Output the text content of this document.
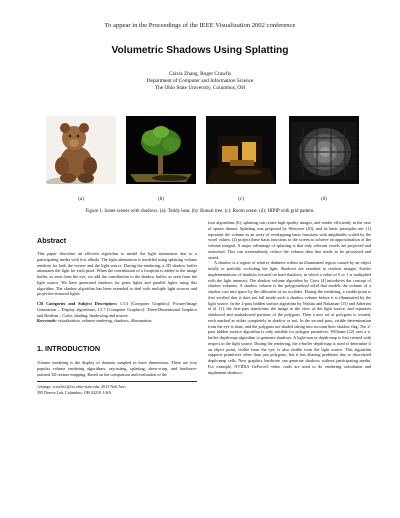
To appear in the Proceedings of the IEEE Visualization 2002 conference
Volumetric Shadows Using Splatting
Caixia Zhang, Roger Crawfis
Department of Computer and Information Science
The Ohio State University, Columbus, OH
(a)	(b)	(c)	(d)
Figure 1. Some scenes with shadows. (a): Teddy bear. (b): Bonsai tree. (c): Room scene. (d): HIPIP with grid pattern.
Abstract

This paper describes an efficient algorithm to model the light attenuation due to a participating media with low albedo. The light attenuation is modeled using splatting volume renderer for both the viewer and the light source. During the rendering, a 2D shadow buffer attenuates the light for each pixel. When the contribution of a footprint is added to the image buffer, as seen from the eye, we add the contribution to the shadow buffer, as seen from the light source. We have generated shadows for point lights and parallel lights using this algorithm. The shadow algorithm has been extended to deal with multiple light sources and projective textured lights.

CR Categories and Subject Descriptors: I.3.3 [Computer Graphics]: Picture/Image Generation – Display algorithms; I.3.7 [Computer Graphics]: Three-Dimensional Graphics and Realism – Color, shading, shadowing and texture.

Keywords: visualization, volume rendering, shadows, illumination

1. INTRODUCTION

Volume rendering is the display of datasets sampled in three dimensions. There are four popular volume rendering algorithms: raycasting, splatting, shear-warp, and hardware-assisted 3D texture mapping. Based on the comparison and evaluation of the

{zhangc, crawfis}@cis.ohio-state.edu, 2015 Neil Ave.,
395 Dreese Lab, Columbus, OH 43210, USA

four algorithms [6], splatting can create high-quality images, and render efficiently in the case of sparse dataset. Splatting was proposed by Westover [20], and its basic principles are: (1) represent the volume as an array of overlapping basis functions with amplitudes scaled by the voxel values; (2) project these basis functions to the screen to achieve an approximation of the volume integral. A major advantage of splatting is that only relevant voxels are projected and rasterized. This can tremendously reduce the volume data that needs to be processed and stored.

A shadow is a region of relative darkness within an illuminated region caused by an object totally or partially occluding the light. Shadows are essential to realistic images. Earlier implementations of shadows focused on hard shadows, in which a value of 0 or 1 is multiplied with the light intensity. The shadow volume algorithm by Crow [4] introduces the concept of shadow volumes. A shadow volume is the polygonalized solid that models the volume of a shadow cast into space by the silhouette of an occluder. During the rendering, a visible point is first verified that it does not fall inside such a shadow volume before it is illuminated by the light source. In the 2-pass hidden surface algorithm by Nishita and Nakamae [15] and Atherton et al. [1], the first-pass transforms the image to the view of the light source, and separates shadowed and unshadowed portions of the polygons. Then a new set of polygons is created, each marked as either completely in shadow or not. In the second pass, visible determination from the eye is done, and the polygons are shaded taking into account their shadow flag. The 2-pass hidden surface algorithm is only suitable for polygon primitives. Williams [22] uses a z-buffer depth-map algorithm to generate shadows. A light-source depth-map is first created with respect to the light source. During the rendering, the z-buffer depth-map is used to determine if an object point, visible from the eye, is also visible from the light source. This algorithm supports primitives other than just polygons, but it has aliasing problems due to discretized depth-map cells. New graphics hardware can generate shadows without participating media. For example, NVIDIA GeForce3 video cards are used to do rendering calculation and implement shadows.
